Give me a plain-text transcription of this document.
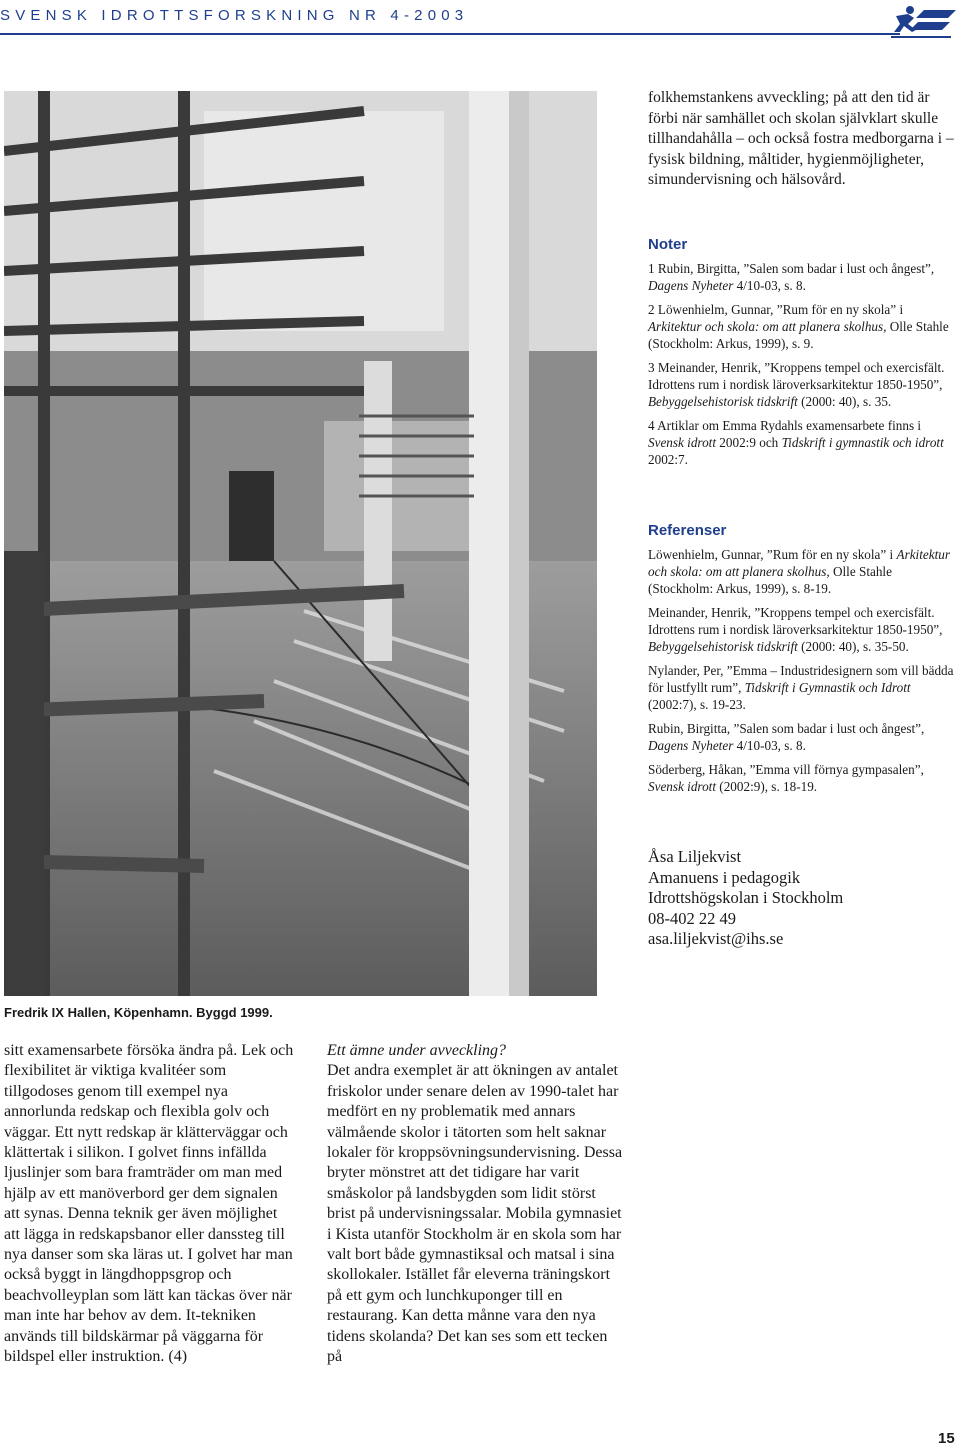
SVENSK IDROTTSFORSKNING NR 4-2003
Fredrik IX Hallen, Köpenhamn. Byggd 1999.

folkhemstankens avveckling; på att den tid är förbi när samhället och skolan självklart skulle tillhandahålla – och också fostra medborgarna i – fysisk bildning, måltider, hygienmöjligheter, simundervisning och hälsovård.

Noter

1 Rubin, Birgitta, ”Salen som badar i lust och ångest”, Dagens Nyheter 4/10-03, s. 8.

2 Löwenhielm, Gunnar, ”Rum för en ny skola” i Arkitektur och skola: om att planera skolhus, Olle Stahle (Stockholm: Arkus, 1999), s. 9.

3 Meinander, Henrik, ”Kroppens tempel och exercisfält. Idrottens rum i nordisk läroverksarkitektur 1850-1950”, Bebyggelsehistorisk tidskrift (2000: 40), s. 35.

4 Artiklar om Emma Rydahls examensarbete finns i Svensk idrott 2002:9 och Tidskrift i gymnastik och idrott 2002:7.

Referenser

Löwenhielm, Gunnar, ”Rum för en ny skola” i Arkitektur och skola: om att planera skolhus, Olle Stahle (Stockholm: Arkus, 1999), s. 8-19.

Meinander, Henrik, ”Kroppens tempel och exercisfält. Idrottens rum i nordisk läroverksarkitektur 1850-1950”, Bebyggelsehistorisk tidskrift (2000: 40), s. 35-50.

Nylander, Per, ”Emma – Industridesignern som vill bädda för lustfyllt rum”, Tidskrift i Gymnastik och Idrott (2002:7), s. 19-23.

Rubin, Birgitta, ”Salen som badar i lust och ångest”, Dagens Nyheter 4/10-03, s. 8.

Söderberg, Håkan, ”Emma vill förnya gympasalen”, Svensk idrott (2002:9), s. 18-19.

Åsa Liljekvist
Amanuens i pedagogik
Idrottshögskolan i Stockholm
08-402 22 49
asa.liljekvist@ihs.se

sitt examensarbete försöka ändra på. Lek och flexibilitet är viktiga kvalitéer som tillgodoses genom till exempel nya annorlunda redskap och flexibla golv och väggar. Ett nytt redskap är klätterväggar och klättertak i silikon. I golvet finns infällda ljuslinjer som bara framträder om man med hjälp av ett manöverbord ger dem signalen att synas. Denna teknik ger även möjlighet att lägga in redskapsbanor eller danssteg till nya danser som ska läras ut. I golvet har man också byggt in längdhoppsgrop och beachvolleyplan som lätt kan täckas över när man inte har behov av dem. It-tekniken används till bildskärmar på väggarna för bildspel eller instruktion. (4)

Ett ämne under avveckling?

Det andra exemplet är att ökningen av antalet friskolor under senare delen av 1990-talet har medfört en ny problematik med annars välmående skolor i tätorten som helt saknar lokaler för kroppsövningsundervisning. Dessa bryter mönstret att det tidigare har varit småskolor på landsbygden som lidit störst brist på undervisningssalar. Mobila gymnasiet i Kista utanför Stockholm är en skola som har valt bort både gymnastiksal och matsal i sina skollokaler. Istället får eleverna träningskort på ett gym och lunchkuponger till en restaurang. Kan detta månne vara den nya tidens skolanda? Det kan ses som ett tecken på

15
